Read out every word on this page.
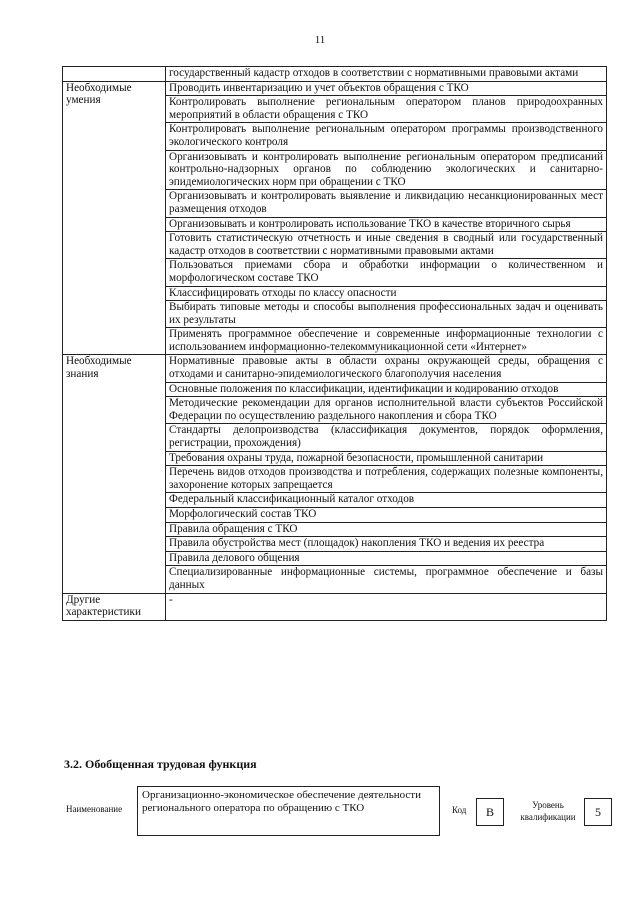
11
	государственный кадастр отходов в соответствии с нормативными правовыми актами
Необходимые умения	Проводить инвентаризацию и учет объектов обращения с ТКО
	Контролировать выполнение региональным оператором планов природоохранных мероприятий в области обращения с ТКО
	Контролировать выполнение региональным оператором программы производственного экологического контроля
	Организовывать и контролировать выполнение региональным оператором предписаний контрольно-надзорных органов по соблюдению экологических и санитарно-эпидемиологических норм при обращении с ТКО
	Организовывать и контролировать выявление и ликвидацию несанкционированных мест размещения отходов
	Организовывать и контролировать использование ТКО в качестве вторичного сырья
	Готовить статистическую отчетность и иные сведения в сводный или государственный кадастр отходов в соответствии с нормативными правовыми актами
	Пользоваться приемами сбора и обработки информации о количественном и морфологическом составе ТКО
	Классифицировать отходы по классу опасности
	Выбирать типовые методы и способы выполнения профессиональных задач и оценивать их результаты
	Применять программное обеспечение и современные информационные технологии с использованием информационно-телекоммуникационной сети «Интернет»
Необходимые знания	Нормативные правовые акты в области охраны окружающей среды, обращения с отходами и санитарно-эпидемиологического благополучия населения
	Основные положения по классификации, идентификации и кодированию отходов
	Методические рекомендации для органов исполнительной власти субъектов Российской Федерации по осуществлению раздельного накопления и сбора ТКО
	Стандарты делопроизводства (классификация документов, порядок оформления, регистрации, прохождения)
	Требования охраны труда, пожарной безопасности, промышленной санитарии
	Перечень видов отходов производства и потребления, содержащих полезные компоненты, захоронение которых запрещается
	Федеральный классификационный каталог отходов
	Морфологический состав ТКО
	Правила обращения с ТКО
	Правила обустройства мест (площадок) накопления ТКО и ведения их реестра
	Правила делового общения
	Специализированные информационные системы, программное обеспечение и базы данных
Другие характеристики	-
3.2. Обобщенная трудовая функция
Наименование
Организационно-экономическое обеспечение деятельности регионального оператора по обращению с ТКО	Код	В	Уровень квалификации	5
